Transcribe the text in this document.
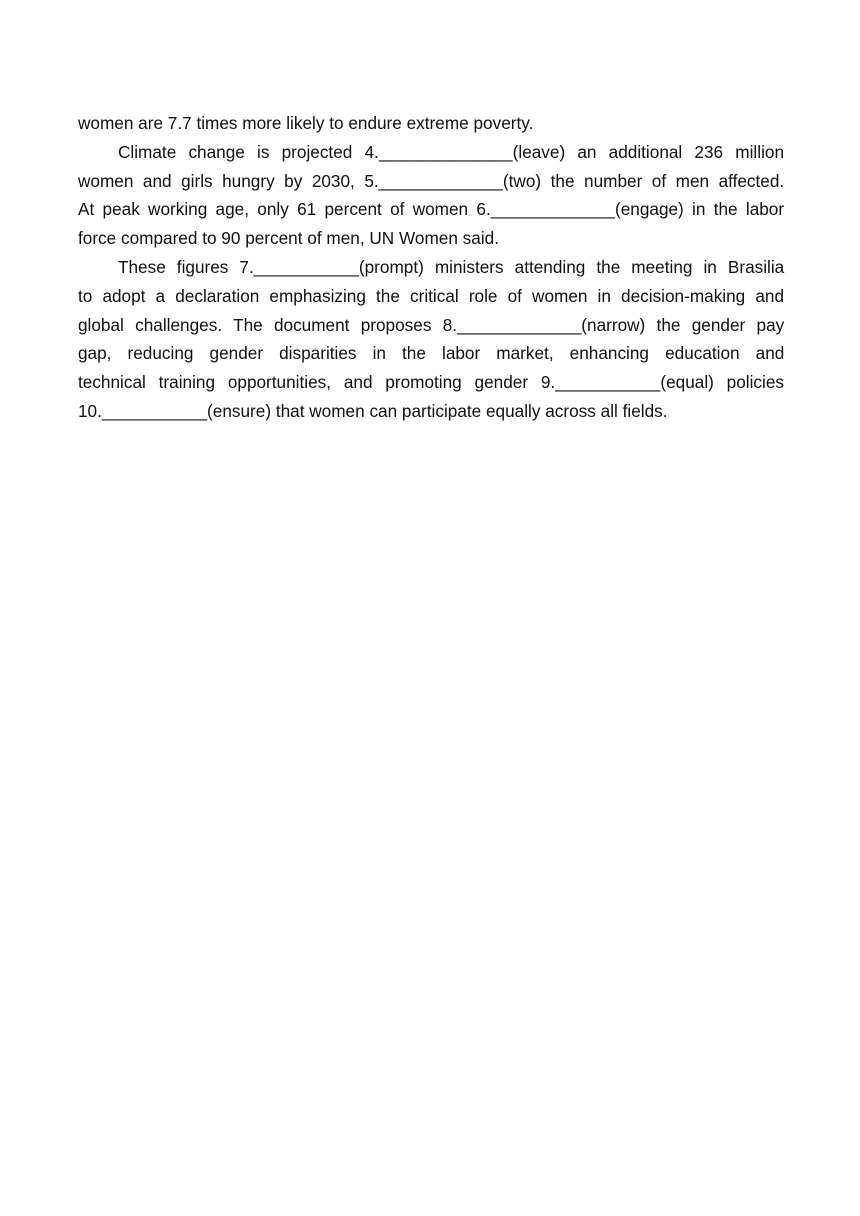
women are 7.7 times more likely to endure extreme poverty.
Climate change is projected 4.______________(leave) an additional 236 million
women and girls hungry by 2030, 5._____________(two) the number of men affected.
At peak working age, only 61 percent of women 6._____________(engage) in the labor
force compared to 90 percent of men, UN Women said.
These figures 7.___________(prompt) ministers attending the meeting in Brasilia
to adopt a declaration emphasizing the critical role of women in decision-making and
global challenges. The document proposes 8._____________(narrow) the gender pay
gap, reducing gender disparities in the labor market, enhancing education and
technical training opportunities, and promoting gender 9.___________(equal) policies
10.___________(ensure) that women can participate equally across all fields.
